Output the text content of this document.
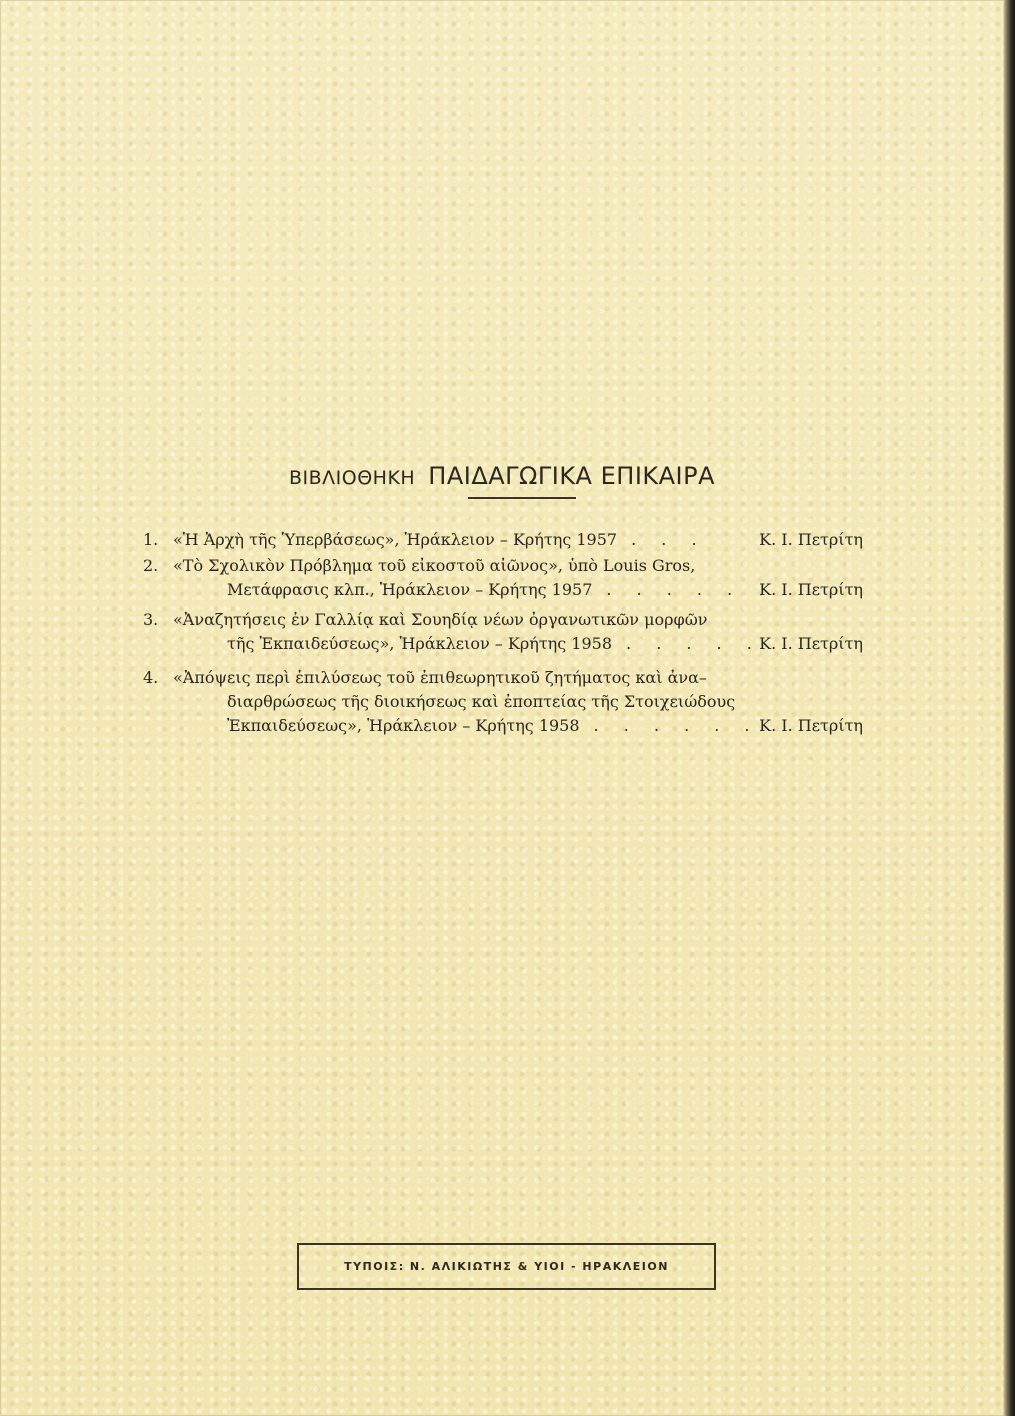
ΒΙΒΛΙΟΘΗΚΗ ΠΑΙΔΑΓΩΓΙΚΑ ΕΠΙΚΑΙΡΑ
1. «Ἡ Ἀρχὴ τῆς Ὑπερβάσεως», Ἡράκλειον – Κρήτης 1957 . . .	Κ. Ι. Πετρίτη
2. «Τὸ Σχολικὸν Πρόβλημα τοῦ εἰκοστοῦ αἰῶνος», ὑπὸ Louis Gros,
Μετάφρασις κλπ., Ἡράκλειον – Κρήτης 1957 . . . . .	Κ. Ι. Πετρίτη
3. «Ἀναζητήσεις ἐν Γαλλίᾳ καὶ Σουηδίᾳ νέων ὀργανωτικῶν μορφῶν
τῆς Ἐκπαιδεύσεως», Ἡράκλειον – Κρήτης 1958 . . . . .
Κ. Ι. Πετρίτη
4. «Ἀπόψεις περὶ ἐπιλύσεως τοῦ ἐπιθεωρητικοῦ ζητήματος καὶ ἀνα–
διαρθρώσεως τῆς διοικήσεως καὶ ἐποπτείας τῆς Στοιχειώδους
Ἐκπαιδεύσεως», Ἡράκλειον – Κρήτης 1958 . . . . . . Κ. Ι. Πετρίτη
ΤΥΠΟΙΣ: Ν. ΑΛΙΚΙΩΤΗΣ & ΥΙΟΙ - ΗΡΑΚΛΕΙΟΝ
